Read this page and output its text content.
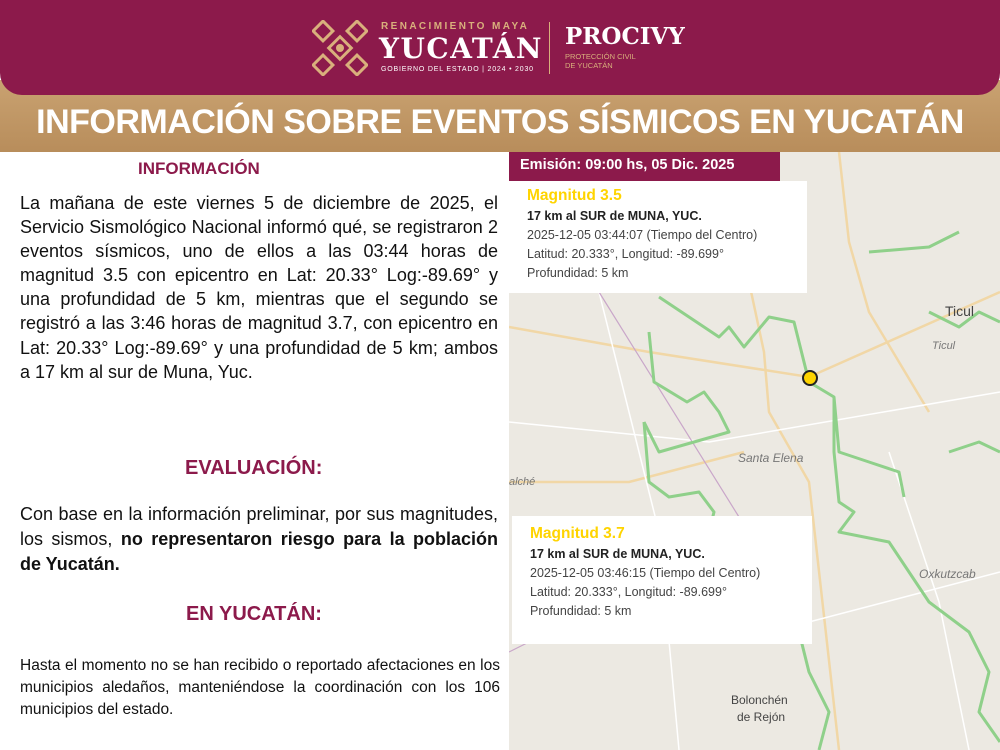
RENACIMIENTO MAYA
YUCATÁN
GOBIERNO DEL ESTADO | 2024 • 2030
PROCIVY
PROTECCIÓN CIVIL
DE YUCATÁN
INFORMACIÓN SOBRE EVENTOS SÍSMICOS EN YUCATÁN
INFORMACIÓN
La mañana de este viernes 5 de diciembre de 2025, el Servicio Sismológico Nacional informó qué, se registraron 2 eventos sísmicos, uno de ellos a las 03:44 horas de magnitud 3.5 con epicentro en Lat: 20.33° Log:-89.69° y una profundidad de 5 km, mientras que el segundo se registró a las 3:46 horas de magnitud 3.7, con epicentro en Lat: 20.33° Log:-89.69° y una profundidad de 5 km; ambos a 17 km al sur de Muna, Yuc.
EVALUACIÓN:
Con base en la información preliminar, por sus magnitudes, los sismos, no representaron riesgo para la población de Yucatán.
EN YUCATÁN:
Hasta el momento no se han recibido o reportado afectaciones en los municipios aledaños, manteniéndose la coordinación con los 106 municipios del estado.
Ticul
Ticul
Santa Elena
alché
Oxkutzcab
Bolonchén
de Rejón
Emisión: 09:00 hs, 05 Dic. 2025
Magnitud 3.5
17 km al SUR de MUNA, YUC.
2025-12-05 03:44:07 (Tiempo del Centro)
Latitud: 20.333°, Longitud: -89.699°
Profundidad: 5 km
Magnitud 3.7
17 km al SUR de MUNA, YUC.
2025-12-05 03:46:15 (Tiempo del Centro)
Latitud: 20.333°, Longitud: -89.699°
Profundidad: 5 km
